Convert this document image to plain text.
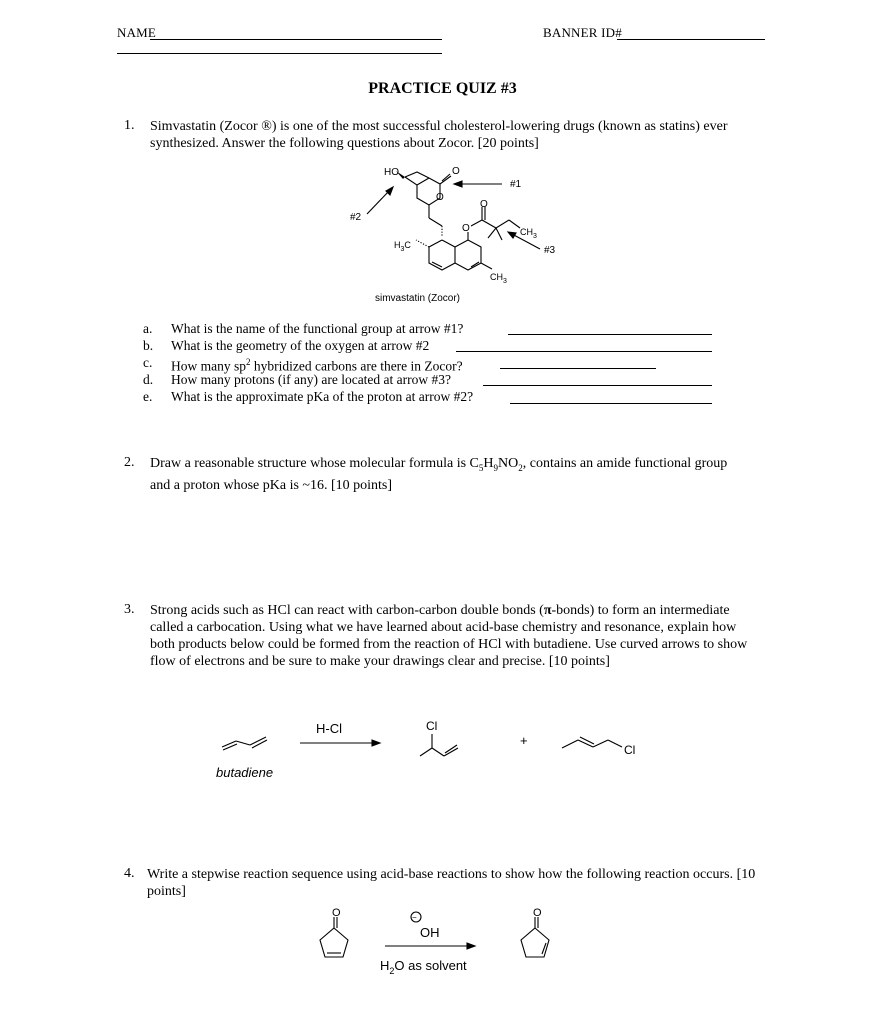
NAME	BANNER ID#
PRACTICE QUIZ #3
1. Simvastatin (Zocor ®) is one of the most successful cholesterol-lowering drugs (known as statins) ever synthesized. Answer the following questions about Zocor. [20 points]
HO	O
O
#1
#2
O
O
$CH_3$
#3
$CH_3$
$H_3C$
simvastatin (Zocor)
a. What is the name of the functional group at arrow #1?
b. What is the geometry of the oxygen at arrow #2
c. How many $sp^2$ hybridized carbons are there in Zocor?
d. How many protons (if any) are located at arrow #3?
e. What is the approximate pKa of the proton at arrow #2?
2. Draw a reasonable structure whose molecular formula is $C_5H_9NO_2$, contains an amide functional group and a proton whose pKa is ~16. [10 points]
3. Strong acids such as HCl can react with carbon-carbon double bonds (π-bonds) to form an intermediate called a carbocation. Using what we have learned about acid-base chemistry and resonance, explain how both products below could be formed from the reaction of HCl with butadiene. Use curved arrows to show flow of electrons and be sure to make your drawings clear and precise. [10 points]
H-Cl
butadiene
Cl
+
Cl
4. Write a stepwise reaction sequence using acid-base reactions to show how the following reaction occurs. [10 points]
O	O
−
OH
$H_2O$ as solvent
